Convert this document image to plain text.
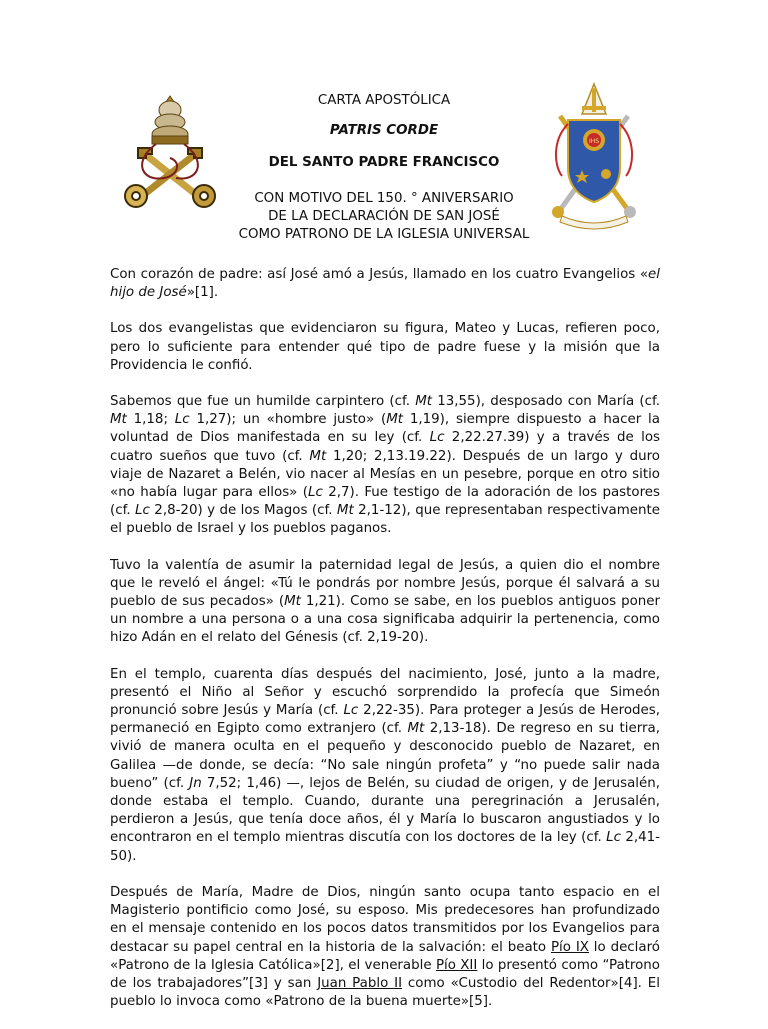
CARTA APOSTÓLICA
PATRIS CORDE
DEL SANTO PADRE FRANCISCO
CON MOTIVO DEL 150. ° ANIVERSARIO
DE LA DECLARACIÓN DE SAN JOSÉ
COMO PATRONO DE LA IGLESIA UNIVERSAL
IHS

Con corazón de padre: así José amó a Jesús, llamado en los cuatro Evangelios «el hijo de José»[1].

Los dos evangelistas que evidenciaron su figura, Mateo y Lucas, refieren poco, pero lo suficiente para entender qué tipo de padre fuese y la misión que la Providencia le confió.

Sabemos que fue un humilde carpintero (cf. Mt 13,55), desposado con María (cf. Mt 1,18; Lc 1,27); un «hombre justo» (Mt 1,19), siempre dispuesto a hacer la voluntad de Dios manifestada en su ley (cf. Lc 2,22.27.39) y a través de los cuatro sueños que tuvo (cf. Mt 1,20; 2,13.19.22). Después de un largo y duro viaje de Nazaret a Belén, vio nacer al Mesías en un pesebre, porque en otro sitio «no había lugar para ellos» (Lc 2,7). Fue testigo de la adoración de los pastores (cf. Lc 2,8-20) y de los Magos (cf. Mt 2,1-12), que representaban respectivamente el pueblo de Israel y los pueblos paganos.

Tuvo la valentía de asumir la paternidad legal de Jesús, a quien dio el nombre que le reveló el ángel: «Tú le pondrás por nombre Jesús, porque él salvará a su pueblo de sus pecados» (Mt 1,21). Como se sabe, en los pueblos antiguos poner un nombre a una persona o a una cosa significaba adquirir la pertenencia, como hizo Adán en el relato del Génesis (cf. 2,19-20).

En el templo, cuarenta días después del nacimiento, José, junto a la madre, presentó el Niño al Señor y escuchó sorprendido la profecía que Simeón pronunció sobre Jesús y María (cf. Lc 2,22-35). Para proteger a Jesús de Herodes, permaneció en Egipto como extranjero (cf. Mt 2,13-18). De regreso en su tierra, vivió de manera oculta en el pequeño y desconocido pueblo de Nazaret, en Galilea —de donde, se decía: “No sale ningún profeta” y “no puede salir nada bueno” (cf. Jn 7,52; 1,46) —, lejos de Belén, su ciudad de origen, y de Jerusalén, donde estaba el templo. Cuando, durante una peregrinación a Jerusalén, perdieron a Jesús, que tenía doce años, él y María lo buscaron angustiados y lo encontraron en el templo mientras discutía con los doctores de la ley (cf. Lc 2,41-50).

Después de María, Madre de Dios, ningún santo ocupa tanto espacio en el Magisterio pontificio como José, su esposo. Mis predecesores han profundizado en el mensaje contenido en los pocos datos transmitidos por los Evangelios para destacar su papel central en la historia de la salvación: el beato Pío IX lo declaró «Patrono de la Iglesia Católica»[2], el venerable Pío XII lo presentó como “Patrono de los trabajadores”[3] y san Juan Pablo II como «Custodio del Redentor»[4]. El pueblo lo invoca como «Patrono de la buena muerte»[5].
